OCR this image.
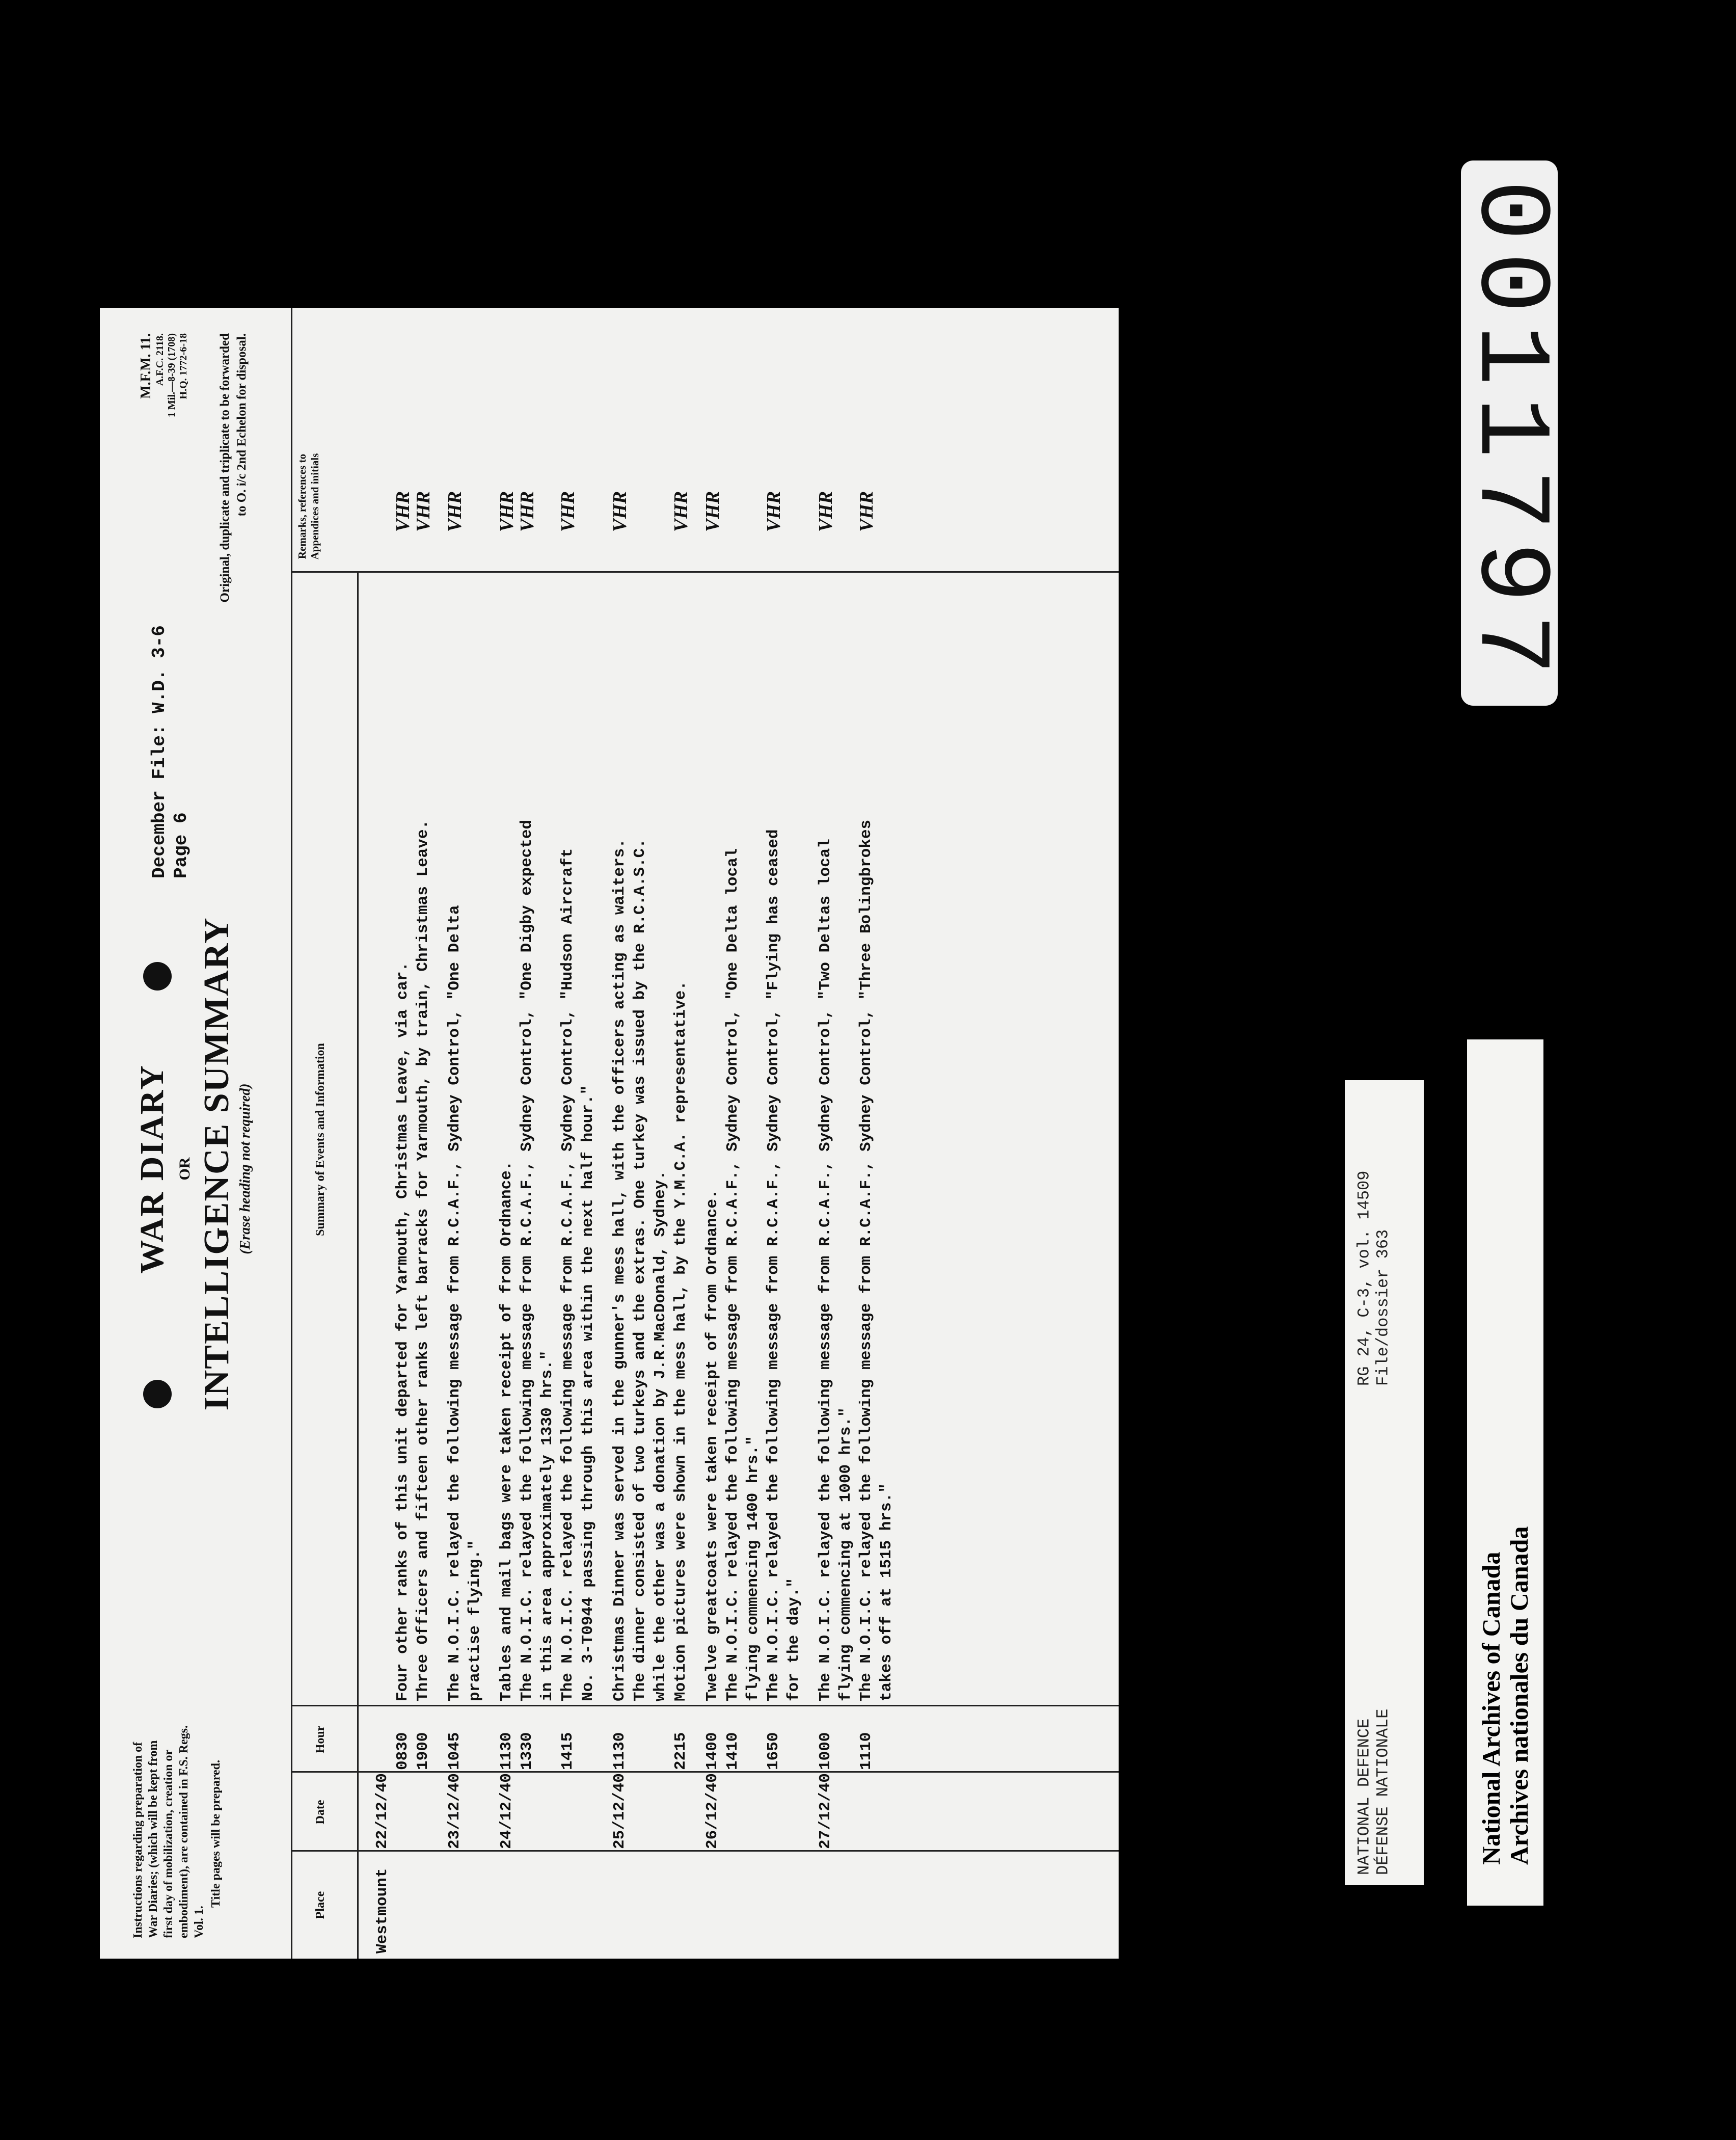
Instructions regarding preparation of War Diaries; (which will be kept from first day of mobilization, creation or embodiment), are contained in F.S. Regs. Vol. 1.
Title pages will be prepared.
WAR DIARY OR INTELLIGENCE SUMMARY (Erase heading not required)
December File: W.D. 3-6 Page 6
M.F.M. 11. A.F.C. 2118. 1 Mil.—8-39 (1708) H.Q. 1772-6-18 Original, duplicate and triplicate to be forwarded to O. i/c 2nd Echelon for disposal.
Place
Date
Hour
Summary of Events and Information
Remarks, references to Appendices and initials
Westmount
22/12/40
0830
Four other ranks of this unit departed for Yarmouth, Christmas Leave, via car.
VHR
1900
Three Officers and fifteen other ranks left barracks for Yarmouth, by train, Christmas Leave.
VHR
23/12/40
1045
The N.O.I.C. relayed the following message from R.C.A.F., Sydney Control, "One Delta
VHR
practise flying."
24/12/40
1130
Tables and mail bags were taken receipt of from Ordnance.
VHR
1330
The N.O.I.C. relayed the following message from R.C.A.F., Sydney Control, "One Digby expected
VHR
in this area approximately 1330 hrs."
1415
The N.O.I.C. relayed the following message from R.C.A.F., Sydney Control, "Hudson Aircraft
VHR
No. 3-T0944 passing through this area within the next half hour."
25/12/40
1130
Christmas Dinner was served in the gunner's mess hall, with the officers acting as waiters.
VHR
The dinner consisted of two turkeys and the extras. One turkey was issued by the R.C.A.S.C. while the other was a donation by J.R.MacDonald, Sydney.
2215
Motion pictures were shown in the mess hall, by the Y.M.C.A. representative.
VHR
26/12/40
1400
Twelve greatcoats were taken receipt of from Ordnance.
VHR
1410
The N.O.I.C. relayed the following message from R.C.A.F., Sydney Control, "One Delta local flying commencing 1400 hrs."
1650
The N.O.I.C. relayed the following message from R.C.A.F., Sydney Control, "Flying has ceased
VHR
for the day."
27/12/40
1000
The N.O.I.C. relayed the following message from R.C.A.F., Sydney Control, "Two Deltas local
VHR
flying commencing at 1000 hrs."
1110
The N.O.I.C. relayed the following message from R.C.A.F., Sydney Control, "Three Bolingbrokes
VHR
takes off at 1515 hrs."
0011797
NATIONAL DEFENCE DÉFENSE NATIONALE
RG 24, C-3, vol. 14509 File/dossier 363
National Archives of Canada Archives nationales du Canada
